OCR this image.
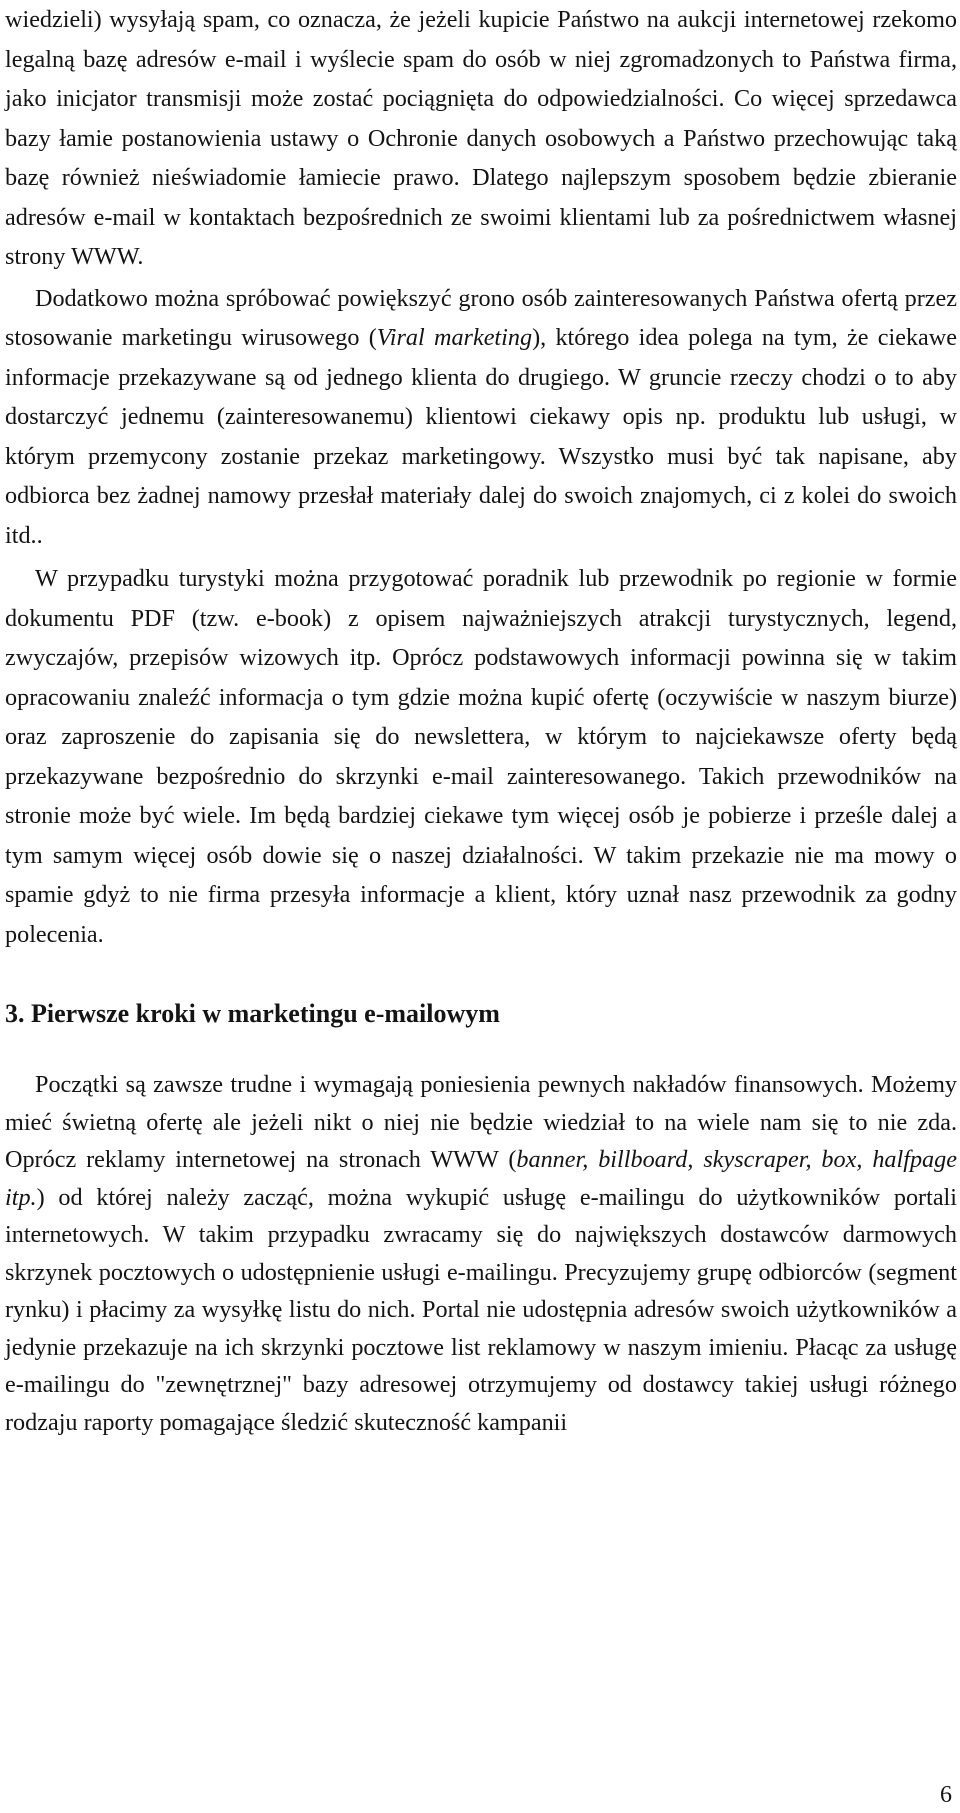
wiedzieli) wysyłają spam, co oznacza, że jeżeli kupicie Państwo na aukcji internetowej rzekomo legalną bazę adresów e-mail i wyślecie spam do osób w niej zgromadzonych to Państwa firma, jako inicjator transmisji może zostać pociągnięta do odpowiedzialności. Co więcej sprzedawca bazy łamie postanowienia ustawy o Ochronie danych osobowych a Państwo przechowując taką bazę również nieświadomie łamiecie prawo. Dlatego najlepszym sposobem będzie zbieranie adresów e-mail w kontaktach bezpośrednich ze swoimi klientami lub za pośrednictwem własnej strony WWW.

Dodatkowo można spróbować powiększyć grono osób zainteresowanych Państwa ofertą przez stosowanie marketingu wirusowego (Viral marketing), którego idea polega na tym, że ciekawe informacje przekazywane są od jednego klienta do drugiego. W gruncie rzeczy chodzi o to aby dostarczyć jednemu (zainteresowanemu) klientowi ciekawy opis np. produktu lub usługi, w którym przemycony zostanie przekaz marketingowy. Wszystko musi być tak napisane, aby odbiorca bez żadnej namowy przesłał materiały dalej do swoich znajomych, ci z kolei do swoich itd..

W przypadku turystyki można przygotować poradnik lub przewodnik po regionie w formie dokumentu PDF (tzw. e-book) z opisem najważniejszych atrakcji turystycznych, legend, zwyczajów, przepisów wizowych itp. Oprócz podstawowych informacji powinna się w takim opracowaniu znaleźć informacja o tym gdzie można kupić ofertę (oczywiście w naszym biurze) oraz zaproszenie do zapisania się do newslettera, w którym to najciekawsze oferty będą przekazywane bezpośrednio do skrzynki e-mail zainteresowanego. Takich przewodników na stronie może być wiele. Im będą bardziej ciekawe tym więcej osób je pobierze i prześle dalej a tym samym więcej osób dowie się o naszej działalności. W takim przekazie nie ma mowy o spamie gdyż to nie firma przesyła informacje a klient, który uznał nasz przewodnik za godny polecenia.

3. Pierwsze kroki w marketingu e-mailowym

Początki są zawsze trudne i wymagają poniesienia pewnych nakładów finansowych. Możemy mieć świetną ofertę ale jeżeli nikt o niej nie będzie wiedział to na wiele nam się to nie zda. Oprócz reklamy internetowej na stronach WWW (banner, billboard, skyscraper, box, halfpage itp.) od której należy zacząć, można wykupić usługę e-mailingu do użytkowników portali internetowych. W takim przypadku zwracamy się do największych dostawców darmowych skrzynek pocztowych o udostępnienie usługi e-mailingu. Precyzujemy grupę odbiorców (segment rynku) i płacimy za wysyłkę listu do nich. Portal nie udostępnia adresów swoich użytkowników a jedynie przekazuje na ich skrzynki pocztowe list reklamowy w naszym imieniu. Płacąc za usługę e-mailingu do "zewnętrznej" bazy adresowej otrzymujemy od dostawcy takiej usługi różnego rodzaju raporty pomagające śledzić skuteczność kampanii

6
